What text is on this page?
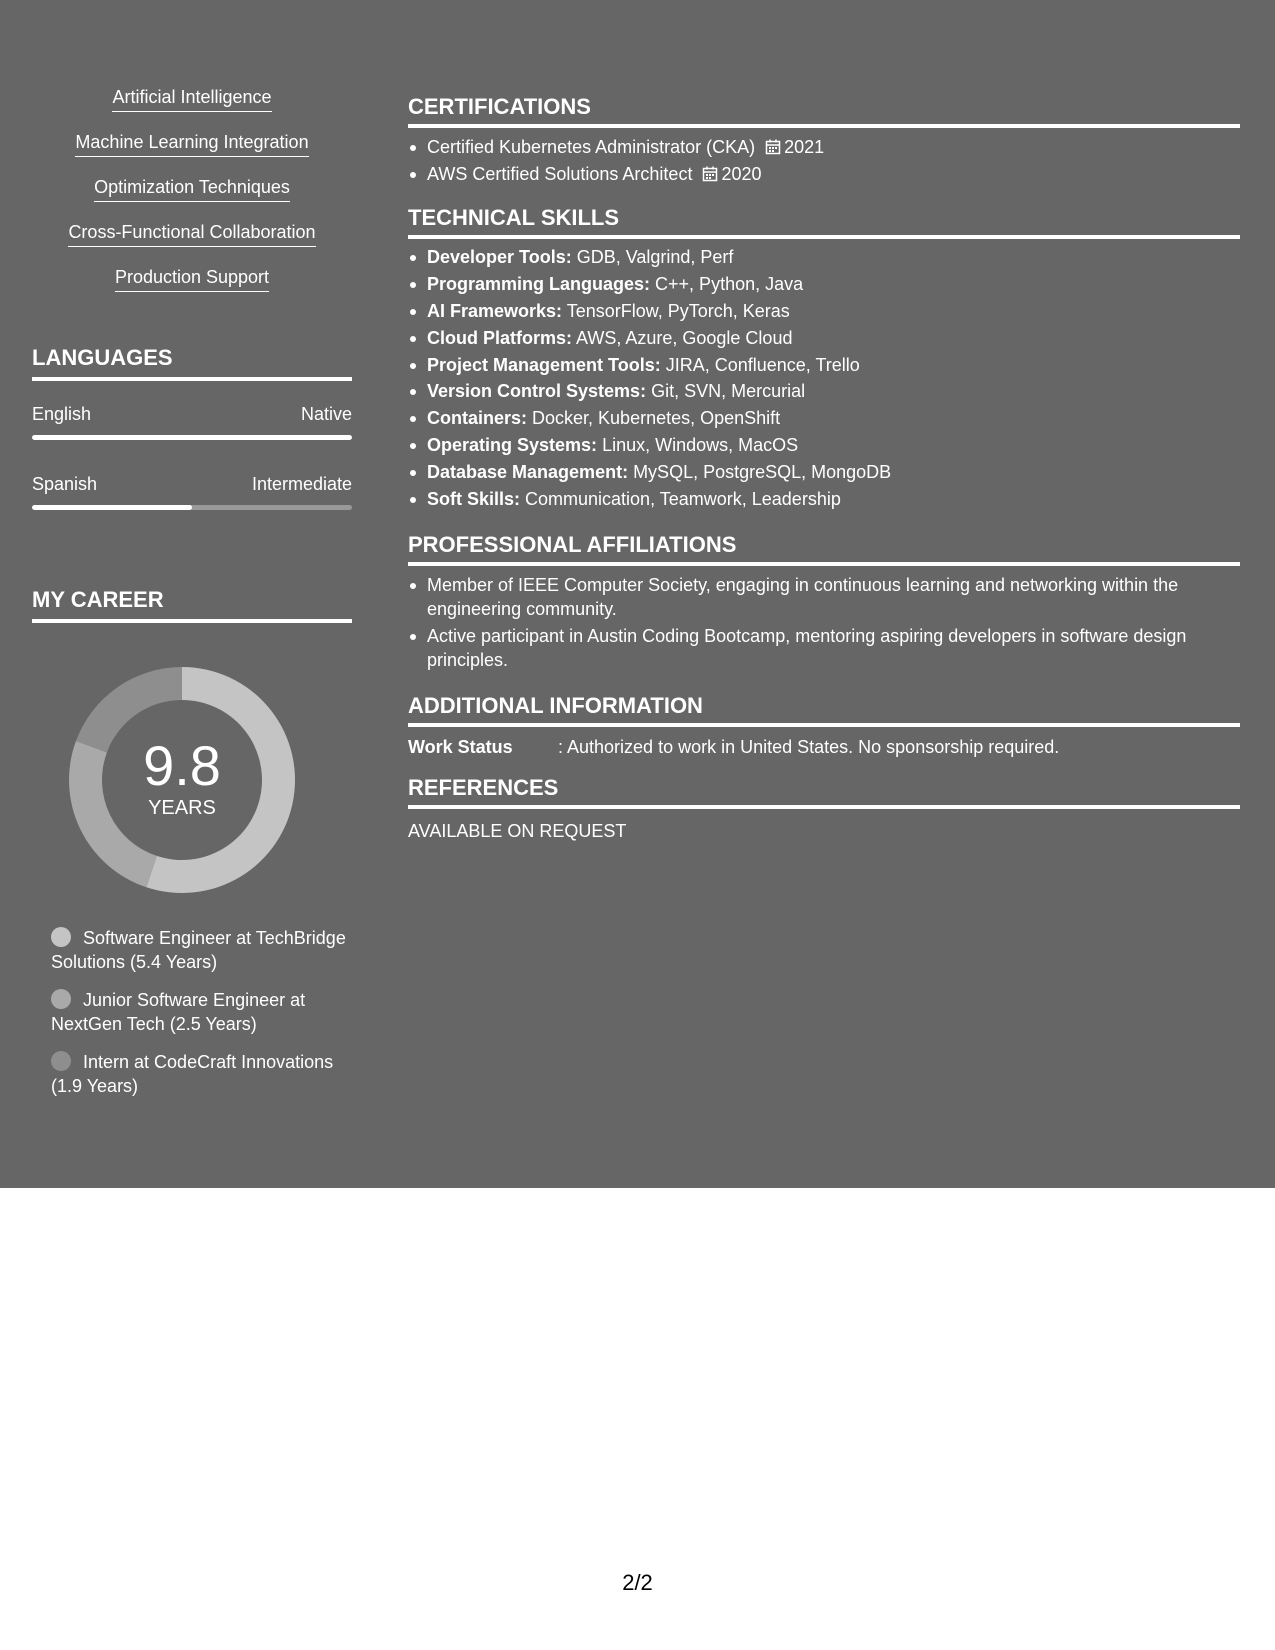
Artificial Intelligence
Machine Learning Integration
Optimization Techniques
Cross-Functional Collaboration
Production Support
LANGUAGES
English	Native
Spanish	Intermediate
MY CAREER
9.8
YEARS
Software Engineer at TechBridge Solutions (5.4 Years)
Junior Software Engineer at NextGen Tech (2.5 Years)
Intern at CodeCraft Innovations (1.9 Years)
CERTIFICATIONS
Certified Kubernetes Administrator (CKA) 2021
AWS Certified Solutions Architect 2020
TECHNICAL SKILLS
Developer Tools: GDB, Valgrind, Perf
Programming Languages: C++, Python, Java
AI Frameworks: TensorFlow, PyTorch, Keras
Cloud Platforms: AWS, Azure, Google Cloud
Project Management Tools: JIRA, Confluence, Trello
Version Control Systems: Git, SVN, Mercurial
Containers: Docker, Kubernetes, OpenShift
Operating Systems: Linux, Windows, MacOS
Database Management: MySQL, PostgreSQL, MongoDB
Soft Skills: Communication, Teamwork, Leadership
PROFESSIONAL AFFILIATIONS
Member of IEEE Computer Society, engaging in continuous learning and networking within the engineering community.
Active participant in Austin Coding Bootcamp, mentoring aspiring developers in software design principles.
ADDITIONAL INFORMATION
Work Status	: Authorized to work in United States. No sponsorship required.
REFERENCES
AVAILABLE ON REQUEST
2/2
